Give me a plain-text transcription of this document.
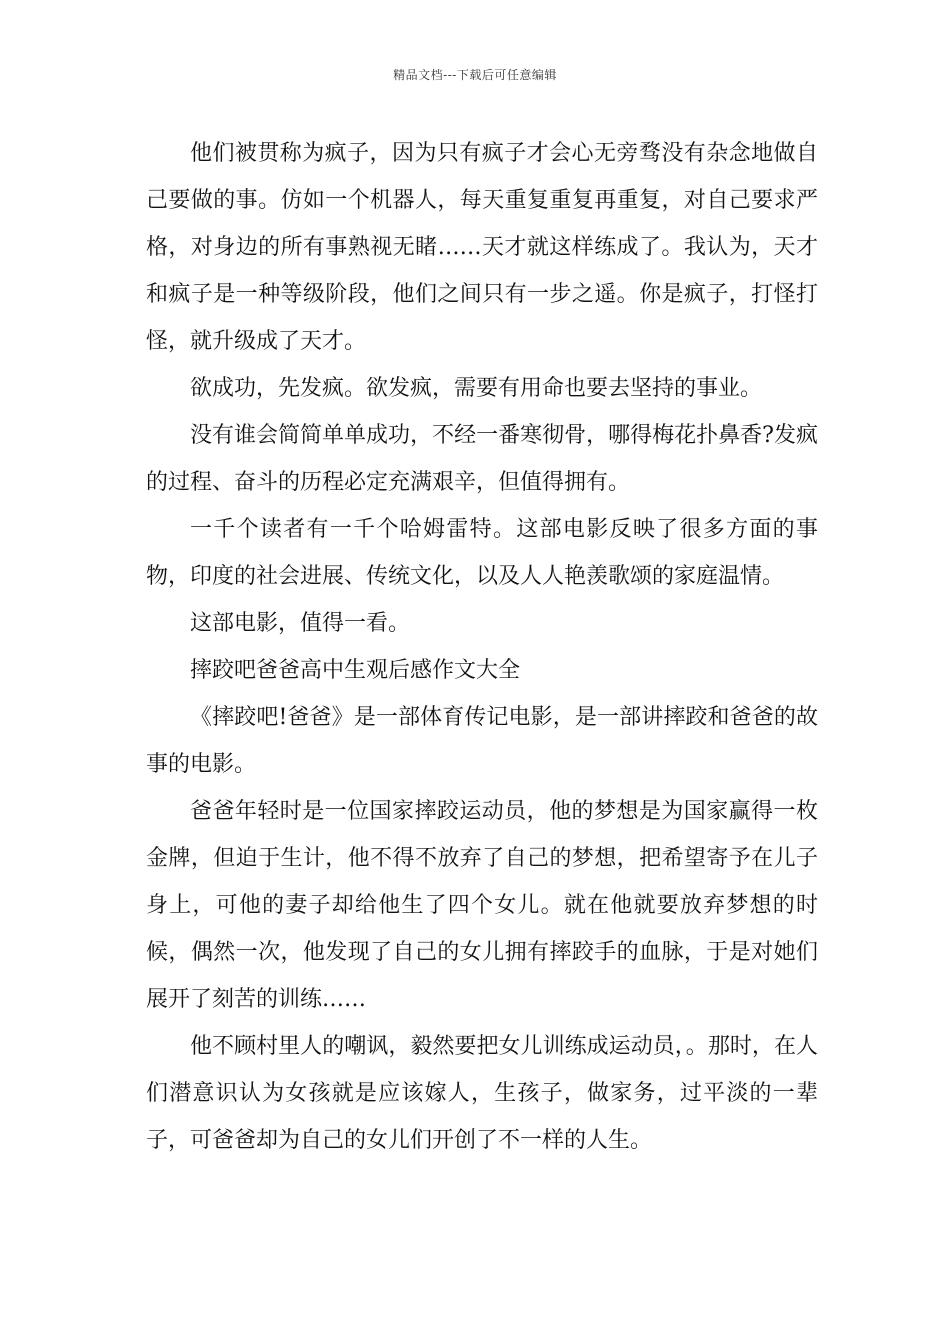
精品文档---下载后可任意编辑

他们被贯称为疯子，因为只有疯子才会心无旁骛没有杂念地做自己要做的事。仿如一个机器人，每天重复重复再重复，对自己要求严格，对身边的所有事熟视无睹……天才就这样练成了。我认为，天才和疯子是一种等级阶段，他们之间只有一步之遥。你是疯子，打怪打怪，就升级成了天才。

欲成功，先发疯。欲发疯，需要有用命也要去坚持的事业。

没有谁会简简单单成功，不经一番寒彻骨，哪得梅花扑鼻香?发疯的过程、奋斗的历程必定充满艰辛，但值得拥有。

一千个读者有一千个哈姆雷特。这部电影反映了很多方面的事物，印度的社会进展、传统文化，以及人人艳羡歌颂的家庭温情。

这部电影，值得一看。

摔跤吧爸爸高中生观后感作文大全

《摔跤吧!爸爸》是一部体育传记电影，是一部讲摔跤和爸爸的故事的电影。

爸爸年轻时是一位国家摔跤运动员，他的梦想是为国家赢得一枚金牌，但迫于生计，他不得不放弃了自己的梦想，把希望寄予在儿子身上，可他的妻子却给他生了四个女儿。就在他就要放弃梦想的时候，偶然一次，他发现了自己的女儿拥有摔跤手的血脉，于是对她们展开了刻苦的训练……

他不顾村里人的嘲讽，毅然要把女儿训练成运动员，。那时，在人们潜意识认为女孩就是应该嫁人，生孩子，做家务，过平淡的一辈子，可爸爸却为自己的女儿们开创了不一样的人生。
